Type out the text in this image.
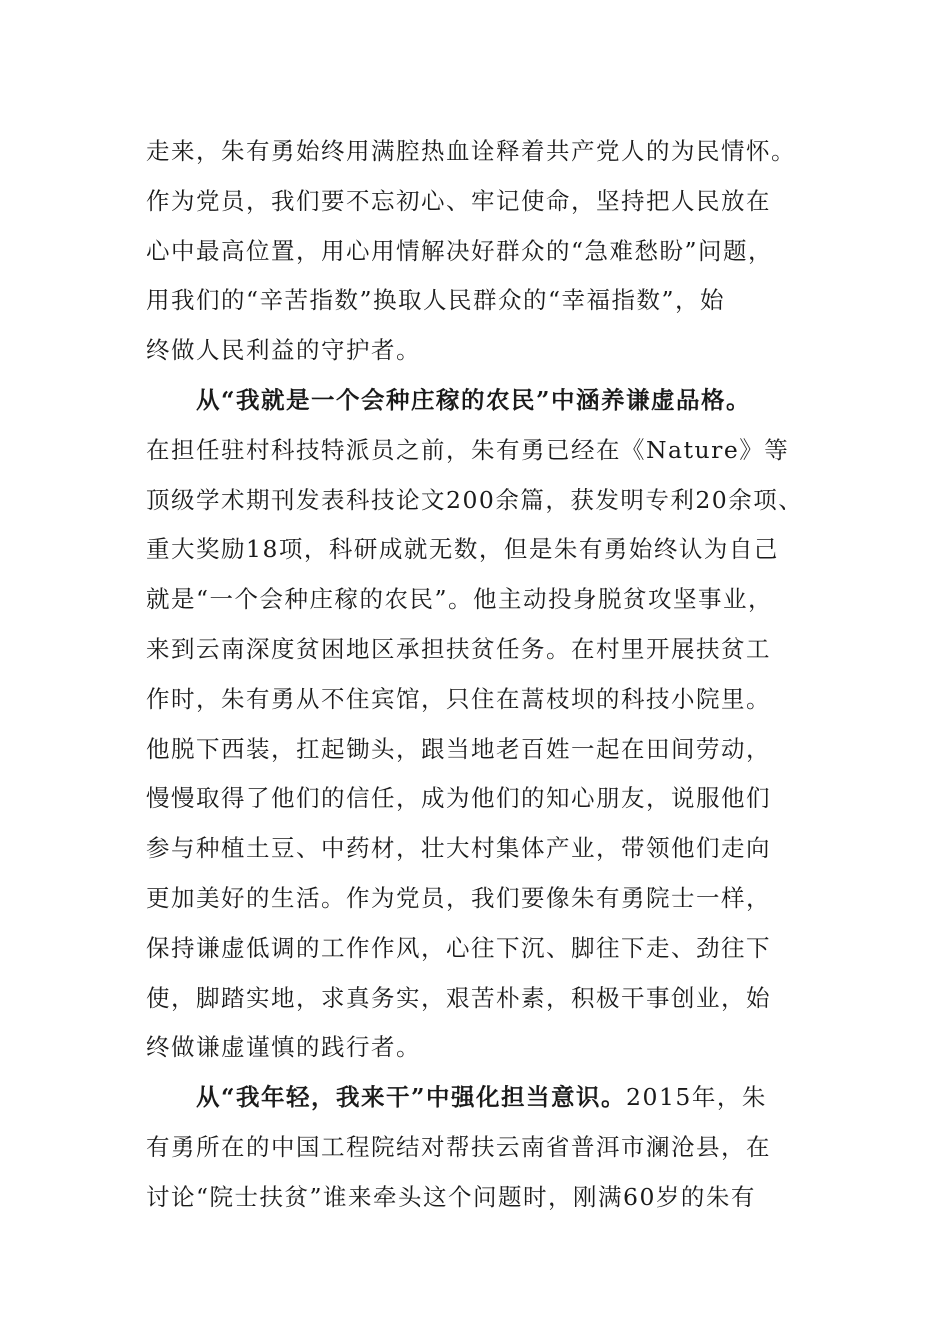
走来，朱有勇始终用满腔热血诠释着共产党人的为民情怀。
作为党员，我们要不忘初心、牢记使命，坚持把人民放在
心中最高位置，用心用情解决好群众的“急难愁盼”问题，
用我们的“辛苦指数”换取人民群众的“幸福指数”，始
终做人民利益的守护者。
从“我就是一个会种庄稼的农民”中涵养谦虚品格。
在担任驻村科技特派员之前，朱有勇已经在《Nature》等
顶级学术期刊发表科技论文200余篇，获发明专利20余项、
重大奖励18项，科研成就无数，但是朱有勇始终认为自己
就是“一个会种庄稼的农民”。他主动投身脱贫攻坚事业，
来到云南深度贫困地区承担扶贫任务。在村里开展扶贫工
作时，朱有勇从不住宾馆，只住在蒿枝坝的科技小院里。
他脱下西装，扛起锄头，跟当地老百姓一起在田间劳动，
慢慢取得了他们的信任，成为他们的知心朋友，说服他们
参与种植土豆、中药材，壮大村集体产业，带领他们走向
更加美好的生活。作为党员，我们要像朱有勇院士一样，
保持谦虚低调的工作作风，心往下沉、脚往下走、劲往下
使，脚踏实地，求真务实，艰苦朴素，积极干事创业，始
终做谦虚谨慎的践行者。
从“我年轻，我来干”中强化担当意识。2015年，朱
有勇所在的中国工程院结对帮扶云南省普洱市澜沧县，在
讨论“院士扶贫”谁来牵头这个问题时，刚满60岁的朱有
